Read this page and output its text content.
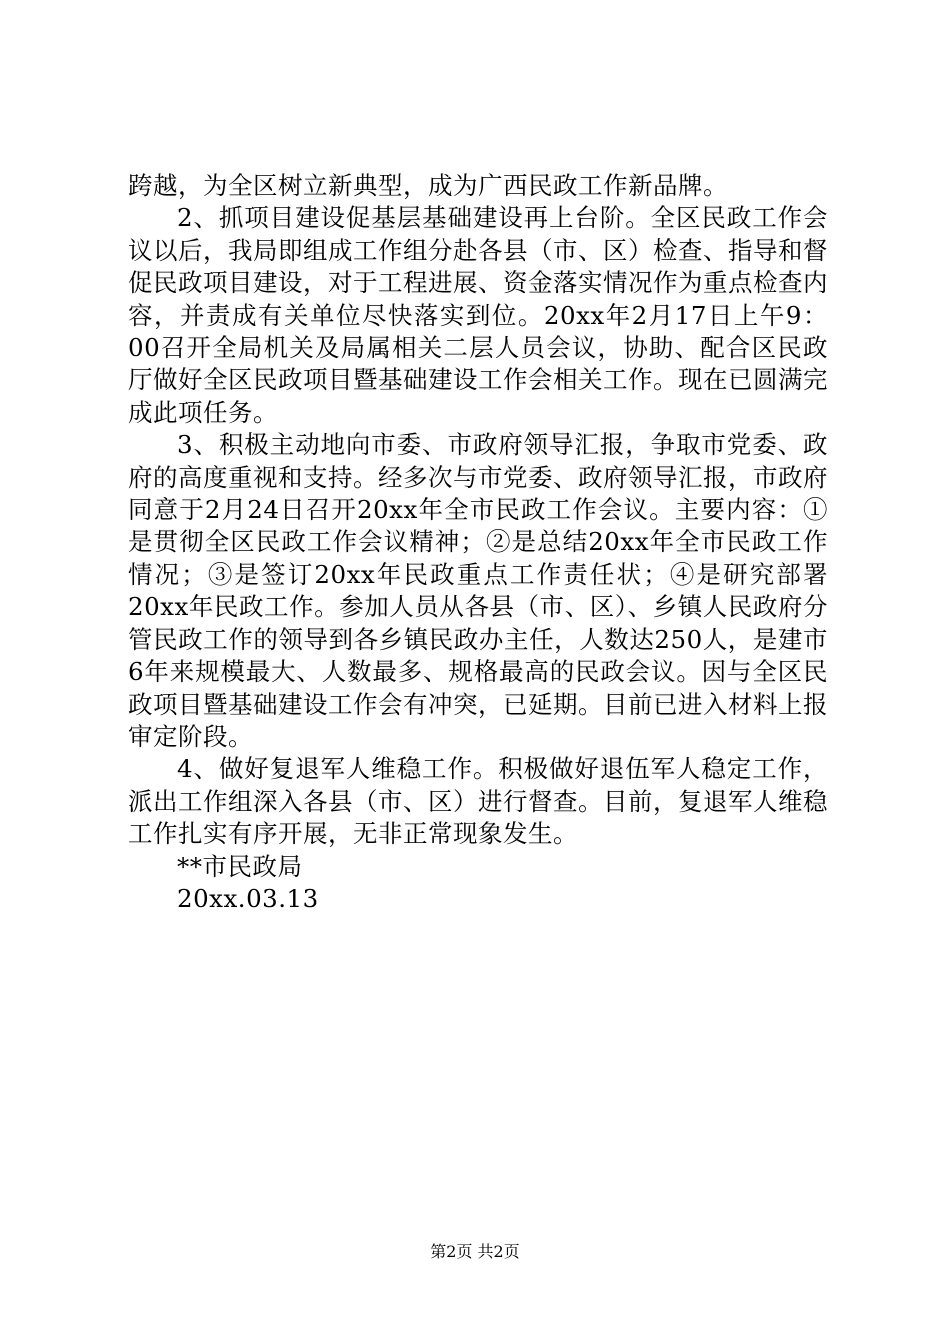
跨越，为全区树立新典型，成为广西民政工作新品牌。

2、抓项目建设促基层基础建设再上台阶。全区民政工作会议以后，我局即组成工作组分赴各县（市、区）检查、指导和督促民政项目建设，对于工程进展、资金落实情况作为重点检查内容，并责成有关单位尽快落实到位。20xx年2月17日上午9：00召开全局机关及局属相关二层人员会议，协助、配合区民政厅做好全区民政项目暨基础建设工作会相关工作。现在已圆满完成此项任务。

3、积极主动地向市委、市政府领导汇报，争取市党委、政府的高度重视和支持。经多次与市党委、政府领导汇报，市政府同意于2月24日召开20xx年全市民政工作会议。主要内容：①是贯彻全区民政工作会议精神；②是总结20xx年全市民政工作情况；③是签订20xx年民政重点工作责任状；④是研究部署20xx年民政工作。参加人员从各县（市、区）、乡镇人民政府分管民政工作的领导到各乡镇民政办主任，人数达250人，是建市6年来规模最大、人数最多、规格最高的民政会议。因与全区民政项目暨基础建设工作会有冲突，已延期。目前已进入材料上报审定阶段。

4、做好复退军人维稳工作。积极做好退伍军人稳定工作，派出工作组深入各县（市、区）进行督查。目前，复退军人维稳工作扎实有序开展，无非正常现象发生。

**市民政局

20xx.03.13

第2页 共2页
